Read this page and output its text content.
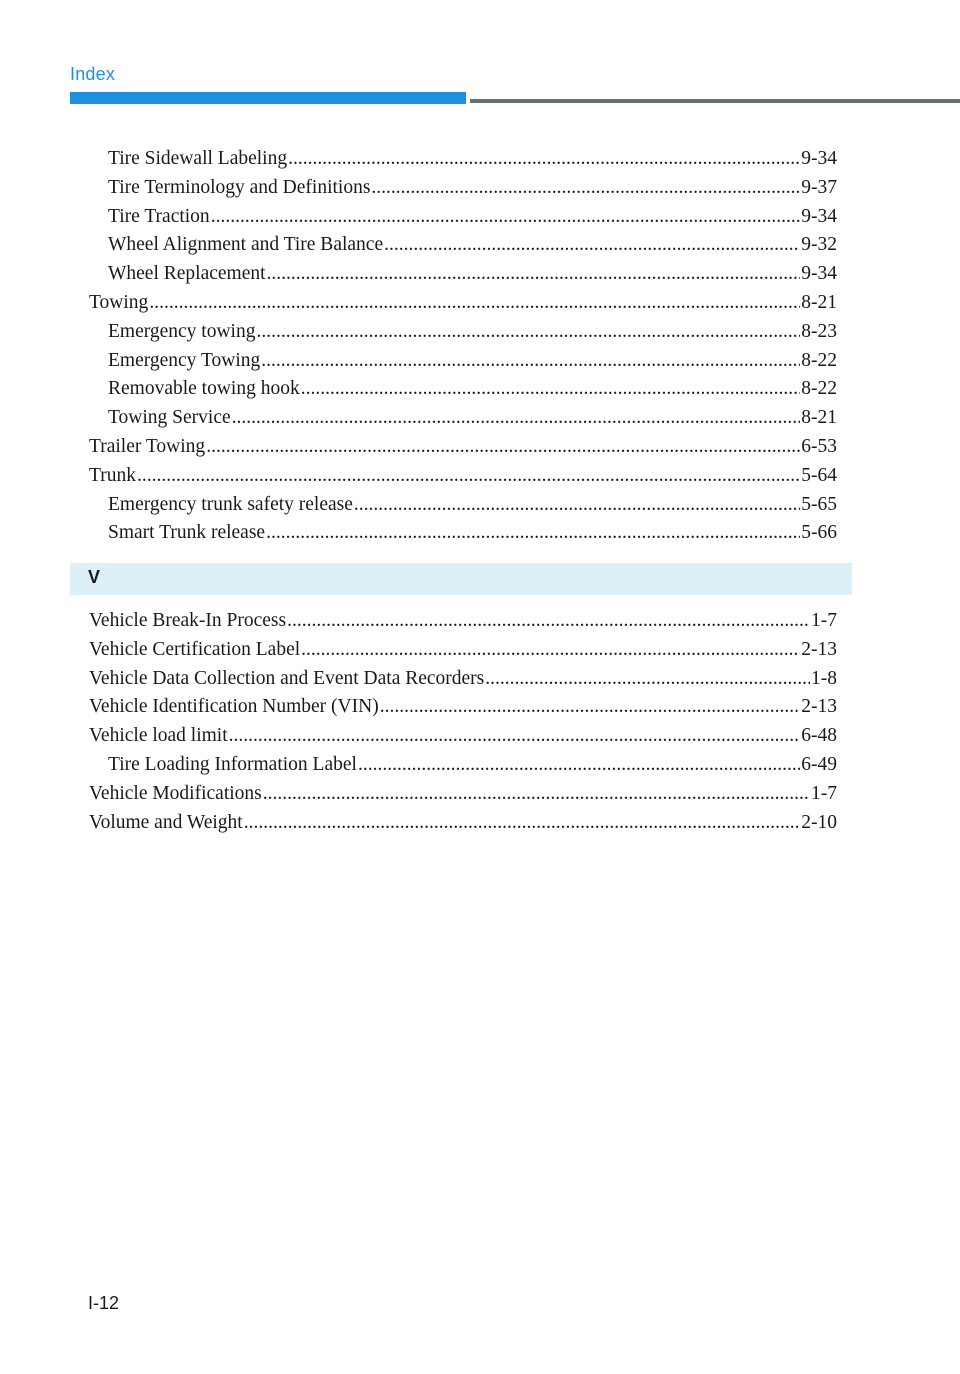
Index
Tire Sidewall Labeling .....	9-34
Tire Terminology and Definitions .....	9-37
Tire Traction .....	9-34
Wheel Alignment and Tire Balance .....	9-32
Wheel Replacement .....	9-34
Towing .....	8-21
Emergency towing .....	8-23
Emergency Towing .....	8-22
Removable towing hook .....	8-22
Towing Service .....	8-21
Trailer Towing .....	6-53
Trunk .....	5-64
Emergency trunk safety release .....	5-65
Smart Trunk release .....	5-66
V
Vehicle Break-In Process .....	1-7
Vehicle Certification Label .....	2-13
Vehicle Data Collection and Event Data Recorders .....	1-8
Vehicle Identification Number (VIN) .....	2-13
Vehicle load limit .....	6-48
Tire Loading Information Label .....	6-49
Vehicle Modifications .....	1-7
Volume and Weight .....	2-10
I-12
